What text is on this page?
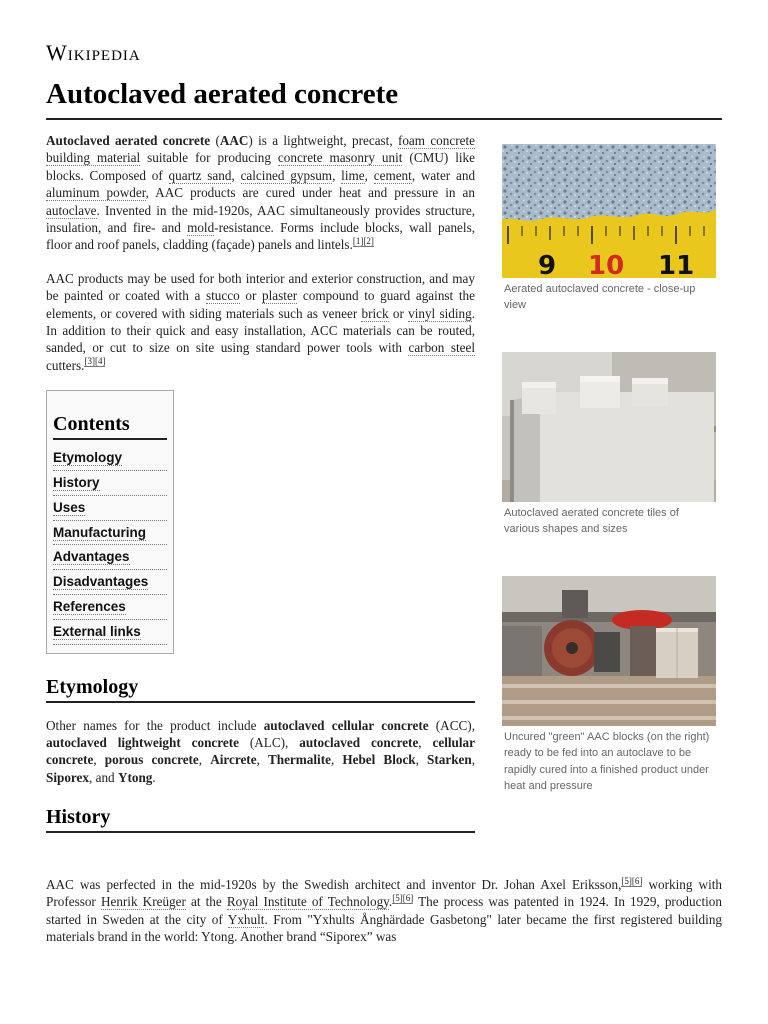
Wikipedia
Autoclaved aerated concrete

Autoclaved aerated concrete (AAC) is a lightweight, precast, foam concrete building material suitable for producing concrete masonry unit (CMU) like blocks. Composed of quartz sand, calcined gypsum, lime, cement, water and aluminum powder, AAC products are cured under heat and pressure in an autoclave. Invented in the mid-1920s, AAC simultaneously provides structure, insulation, and fire- and mold-resistance. Forms include blocks, wall panels, floor and roof panels, cladding (façade) panels and lintels.[1][2]

AAC products may be used for both interior and exterior construction, and may be painted or coated with a stucco or plaster compound to guard against the elements, or covered with siding materials such as veneer brick or vinyl siding. In addition to their quick and easy installation, ACC materials can be routed, sanded, or cut to size on site using standard power tools with carbon steel cutters.[3][4]

Contents
Etymology
History
Uses
Manufacturing
Advantages
Disadvantages
References
External links
Etymology

Other names for the product include autoclaved cellular concrete (ACC), autoclaved lightweight concrete (ALC), autoclaved concrete, cellular concrete, porous concrete, Aircrete, Thermalite, Hebel Block, Starken, Siporex, and Ytong.

History

AAC was perfected in the mid-1920s by the Swedish architect and inventor Dr. Johan Axel Eriksson,[5][6] working with Professor Henrik Kreüger at the Royal Institute of Technology.[5][6] The process was patented in 1924. In 1929, production started in Sweden at the city of Yxhult. From "Yxhults Ånghärdade Gasbetong" later became the first registered building materials brand in the world: Ytong. Another brand “Siporex” was

9 10 11
Aerated autoclaved concrete - close-up view
Autoclaved aerated concrete tiles of various shapes and sizes
Uncured "green" AAC blocks (on the right) ready to be fed into an autoclave to be rapidly cured into a finished product under heat and pressure
